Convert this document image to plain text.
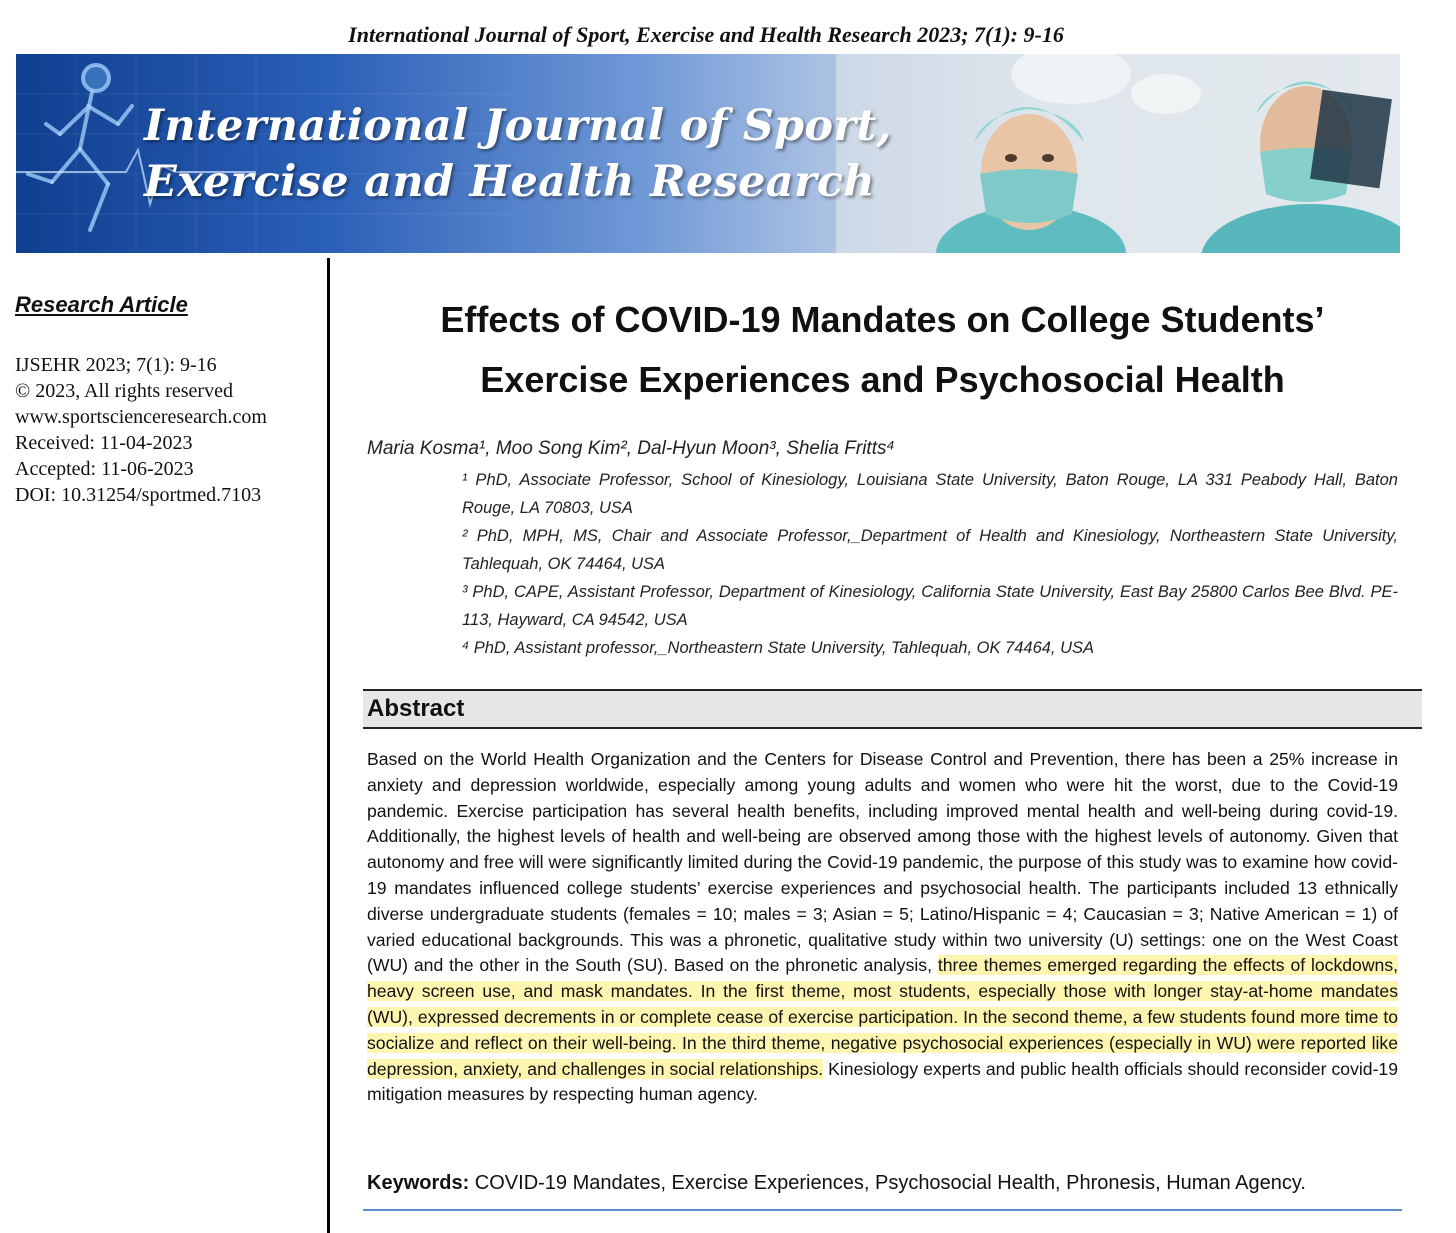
International Journal of Sport, Exercise and Health Research 2023; 7(1): 9-16
International Journal of Sport,
Exercise and Health Research
Research Article
IJSEHR 2023; 7(1): 9-16
© 2023, All rights reserved
www.sportscienceresearch.com
Received: 11-04-2023
Accepted: 11-06-2023
DOI: 10.31254/sportmed.7103
Effects of COVID-19 Mandates on College Students’
Exercise Experiences and Psychosocial Health
Maria Kosma¹, Moo Song Kim², Dal-Hyun Moon³, Shelia Fritts⁴
¹ PhD, Associate Professor, School of Kinesiology, Louisiana State University, Baton Rouge, LA 331 Peabody Hall, Baton Rouge, LA 70803, USA
² PhD, MPH, MS, Chair and Associate Professor,_Department of Health and Kinesiology, Northeastern State University, Tahlequah, OK 74464, USA
³ PhD, CAPE, Assistant Professor, Department of Kinesiology, California State University, East Bay 25800 Carlos Bee Blvd. PE-113, Hayward, CA 94542, USA
⁴ PhD, Assistant professor,_Northeastern State University, Tahlequah, OK 74464, USA
Abstract
Based on the World Health Organization and the Centers for Disease Control and Prevention, there has been a 25% increase in anxiety and depression worldwide, especially among young adults and women who were hit the worst, due to the Covid-19 pandemic. Exercise participation has several health benefits, including improved mental health and well-being during covid-19. Additionally, the highest levels of health and well-being are observed among those with the highest levels of autonomy. Given that autonomy and free will were significantly limited during the Covid-19 pandemic, the purpose of this study was to examine how covid-19 mandates influenced college students’ exercise experiences and psychosocial health. The participants included 13 ethnically diverse undergraduate students (females = 10; males = 3; Asian = 5; Latino/Hispanic = 4; Caucasian = 3; Native American = 1) of varied educational backgrounds. This was a phronetic, qualitative study within two university (U) settings: one on the West Coast (WU) and the other in the South (SU). Based on the phronetic analysis, three themes emerged regarding the effects of lockdowns, heavy screen use, and mask mandates. In the first theme, most students, especially those with longer stay-at-home mandates (WU), expressed decrements in or complete cease of exercise participation. In the second theme, a few students found more time to socialize and reflect on their well-being. In the third theme, negative psychosocial experiences (especially in WU) were reported like depression, anxiety, and challenges in social relationships. Kinesiology experts and public health officials should reconsider covid-19 mitigation measures by respecting human agency.
Keywords: COVID-19 Mandates, Exercise Experiences, Psychosocial Health, Phronesis, Human Agency.
